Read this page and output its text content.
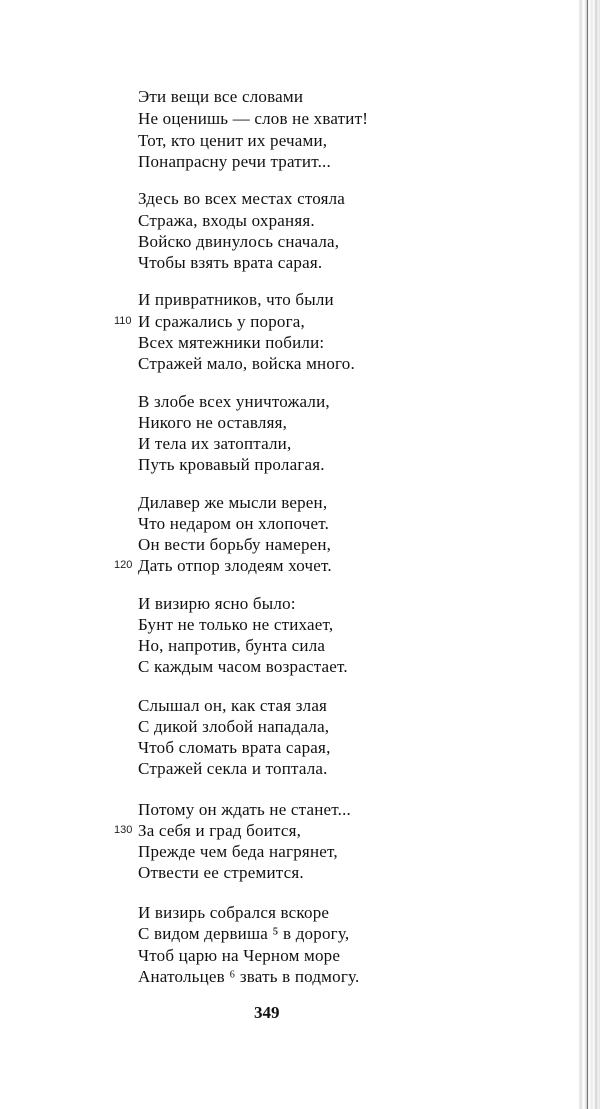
Эти вещи все словами

Не оценишь — слов не хватит!

Тот, кто ценит их речами,

Понапрасну речи тратит...

Здесь во всех местах стояла

Стража, входы охраняя.

Войско двинулось сначала,

Чтобы взять врата сарая.

И привратников, что были

110 И сражались у порога,

Всех мятежники побили:

Стражей мало, войска много.

В злобе всех уничтожали,

Никого не оставляя,

И тела их затоптали,

Путь кровавый пролагая.

Дилавер же мысли верен,

Что недаром он хлопочет.

Он вести борьбу намерен,

120 Дать отпор злодеям хочет.

И визирю ясно было:

Бунт не только не стихает,

Но, напротив, бунта сила

С каждым часом возрастает.

Слышал он, как стая злая

С дикой злобой нападала,

Чтоб сломать врата сарая,

Стражей секла и топтала.

Потому он ждать не станет...

130 За себя и град боится,

Прежде чем беда нагрянет,

Отвести ее стремится.

И визирь собрался вскоре

С видом дервиша ⁵ в дорогу,

Чтоб царю на Черном море

Анатольцев ⁶ звать в подмогу.

349
